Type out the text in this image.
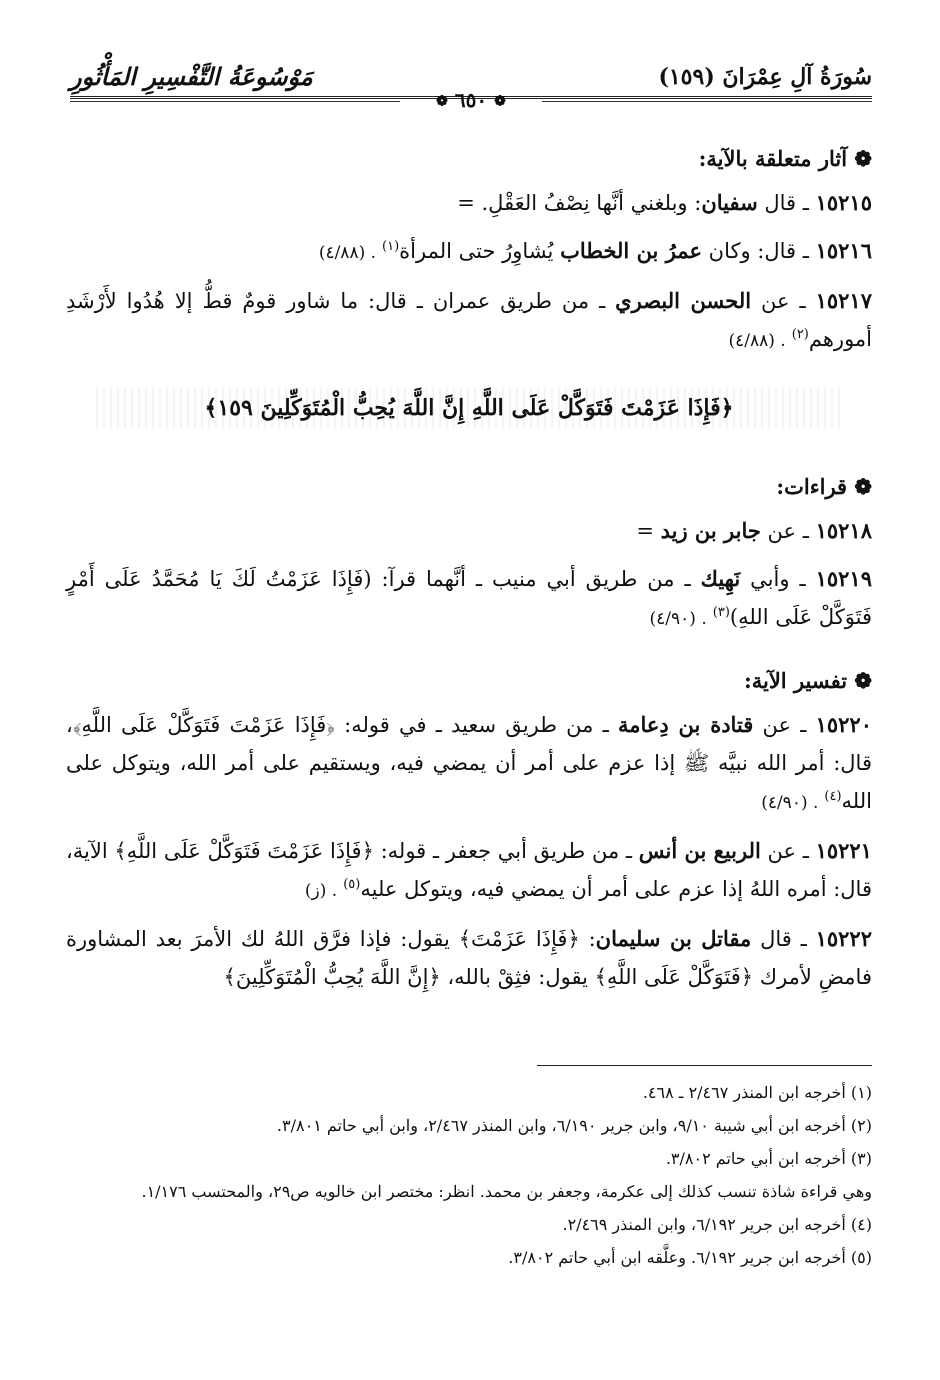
سُورَةُ آلِ عِمْرَانَ (١٥٩)
مَوْسُوعَةُ التَّفْسِيرِ المَأْثُورِ
❁ ٦٥٠ ❁
❁ آثار متعلقة بالآية:
١٥٢١٥ ـ قال سفيان: وبلغني أنَّها نِصْفُ العَقْلِ. =
١٥٢١٦ ـ قال: وكان عمرُ بن الخطاب يُشاوِرُ حتى المرأة$^{(١)}$. (٤/٨٨)
١٥٢١٧ ـ عن الحسن البصري ـ من طريق عمران ـ قال: ما شاور قومٌ قطُّ إلا هُدُوا لأَرْشَدِ أمورهم$^{(٢)}$. (٤/٨٨)
﴿فَإِذَا عَزَمْتَ فَتَوَكَّلْ عَلَى اللَّهِ إِنَّ اللَّهَ يُحِبُّ الْمُتَوَكِّلِينَ ١٥٩﴾
❁ قراءات:
١٥٢١٨ ـ عن جابر بن زيد =
١٥٢١٩ ـ وأبي نَهِيك ـ من طريق أبي منيب ـ أنَّهما قرآ: (فَإِذَا عَزَمْتُ لَكَ يَا مُحَمَّدُ عَلَى أَمْرٍ فَتَوَكَّلْ عَلَى اللهِ)$^{(٣)}$. (٤/٩٠)
❁ تفسير الآية:
١٥٢٢٠ ـ عن قتادة بن دِعامة ـ من طريق سعيد ـ في قوله: ﴿فَإِذَا عَزَمْتَ فَتَوَكَّلْ عَلَى اللَّهِ﴾، قال: أمر الله نبيَّه ﷺ إذا عزم على أمر أن يمضي فيه، ويستقيم على أمر الله، ويتوكل على الله$^{(٤)}$. (٤/٩٠)
١٥٢٢١ ـ عن الربيع بن أنس ـ من طريق أبي جعفر ـ قوله: ﴿فَإِذَا عَزَمْتَ فَتَوَكَّلْ عَلَى اللَّهِ﴾ الآية، قال: أمره اللهُ إذا عزم على أمر أن يمضي فيه، ويتوكل عليه$^{(٥)}$. (ز)
١٥٢٢٢ ـ قال مقاتل بن سليمان: ﴿فَإِذَا عَزَمْتَ﴾ يقول: فإذا فرَّق اللهُ لك الأمرَ بعد المشاورة فامضِ لأمرك ﴿فَتَوَكَّلْ عَلَى اللَّهِ﴾ يقول: فثِقْ بالله، ﴿إِنَّ اللَّهَ يُحِبُّ الْمُتَوَكِّلِينَ﴾
(١) أخرجه ابن المنذر ٢/٤٦٧ ـ ٤٦٨.
(٢) أخرجه ابن أبي شيبة ٩/١٠، وابن جرير ٦/١٩٠، وابن المنذر ٢/٤٦٧، وابن أبي حاتم ٣/٨٠١.
(٣) أخرجه ابن أبي حاتم ٣/٨٠٢.
وهي قراءة شاذة تنسب كذلك إلى عكرمة، وجعفر بن محمد. انظر: مختصر ابن خالويه ص٢٩، والمحتسب ١/١٧٦.
(٤) أخرجه ابن جرير ٦/١٩٢، وابن المنذر ٢/٤٦٩.
(٥) أخرجه ابن جرير ٦/١٩٢. وعلَّقه ابن أبي حاتم ٣/٨٠٢.
